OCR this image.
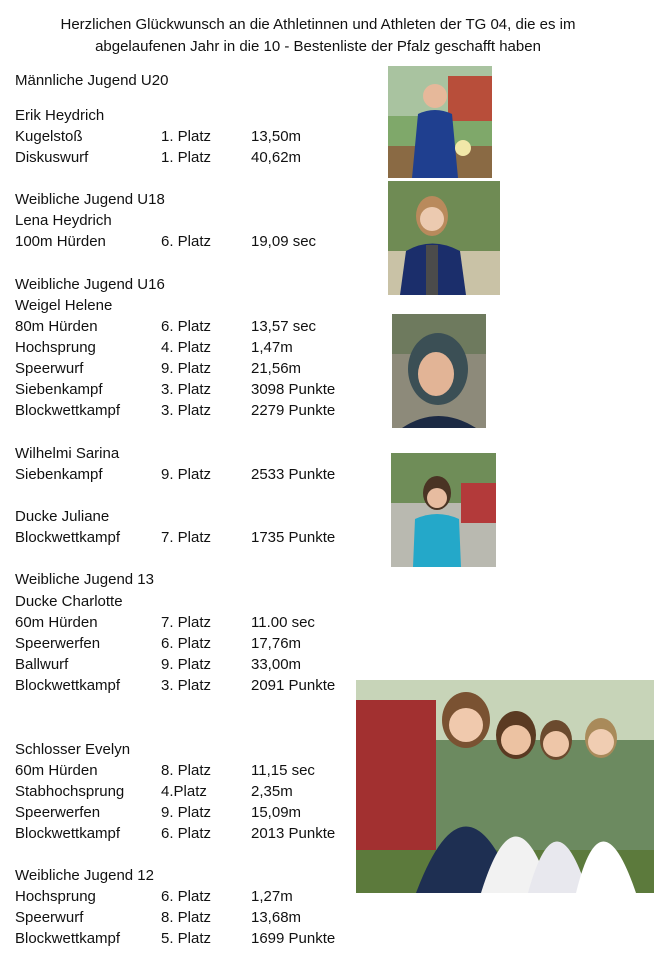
Herzlichen Glückwunsch an die Athletinnen und Athleten der TG 04, die es im
abgelaufenen Jahr in die 10 - Bestenliste der Pfalz geschafft haben
Männliche Jugend U20
Erik Heydrich
Kugelstoß	1. Platz	13,50m
Diskuswurf	1. Platz	40,62m
Weibliche Jugend U18
Lena Heydrich
100m Hürden	6. Platz	19,09 sec
Weibliche Jugend U16
Weigel Helene
80m Hürden	6. Platz	13,57 sec
Hochsprung	4. Platz	1,47m
Speerwurf	9. Platz	21,56m
Siebenkampf	3. Platz	3098 Punkte
Blockwettkampf	3. Platz	2279 Punkte
Wilhelmi Sarina
Siebenkampf	9. Platz	2533 Punkte
Ducke Juliane
Blockwettkampf	7. Platz	1735 Punkte
Weibliche Jugend 13
Ducke Charlotte
60m Hürden	7. Platz	11.00 sec
Speerwerfen	6. Platz	17,76m
Ballwurf	9. Platz	33,00m
Blockwettkampf	3. Platz	2091 Punkte
Schlosser Evelyn
60m Hürden	8. Platz	11,15 sec
Stabhochsprung 4.Platz	2,35m
Speerwerfen	9. Platz	15,09m
Blockwettkampf	6. Platz	2013 Punkte
Weibliche Jugend 12
Hochsprung	6. Platz	1,27m
Speerwurf	8. Platz	13,68m
Blockwettkampf	5. Platz	1699 Punkte
